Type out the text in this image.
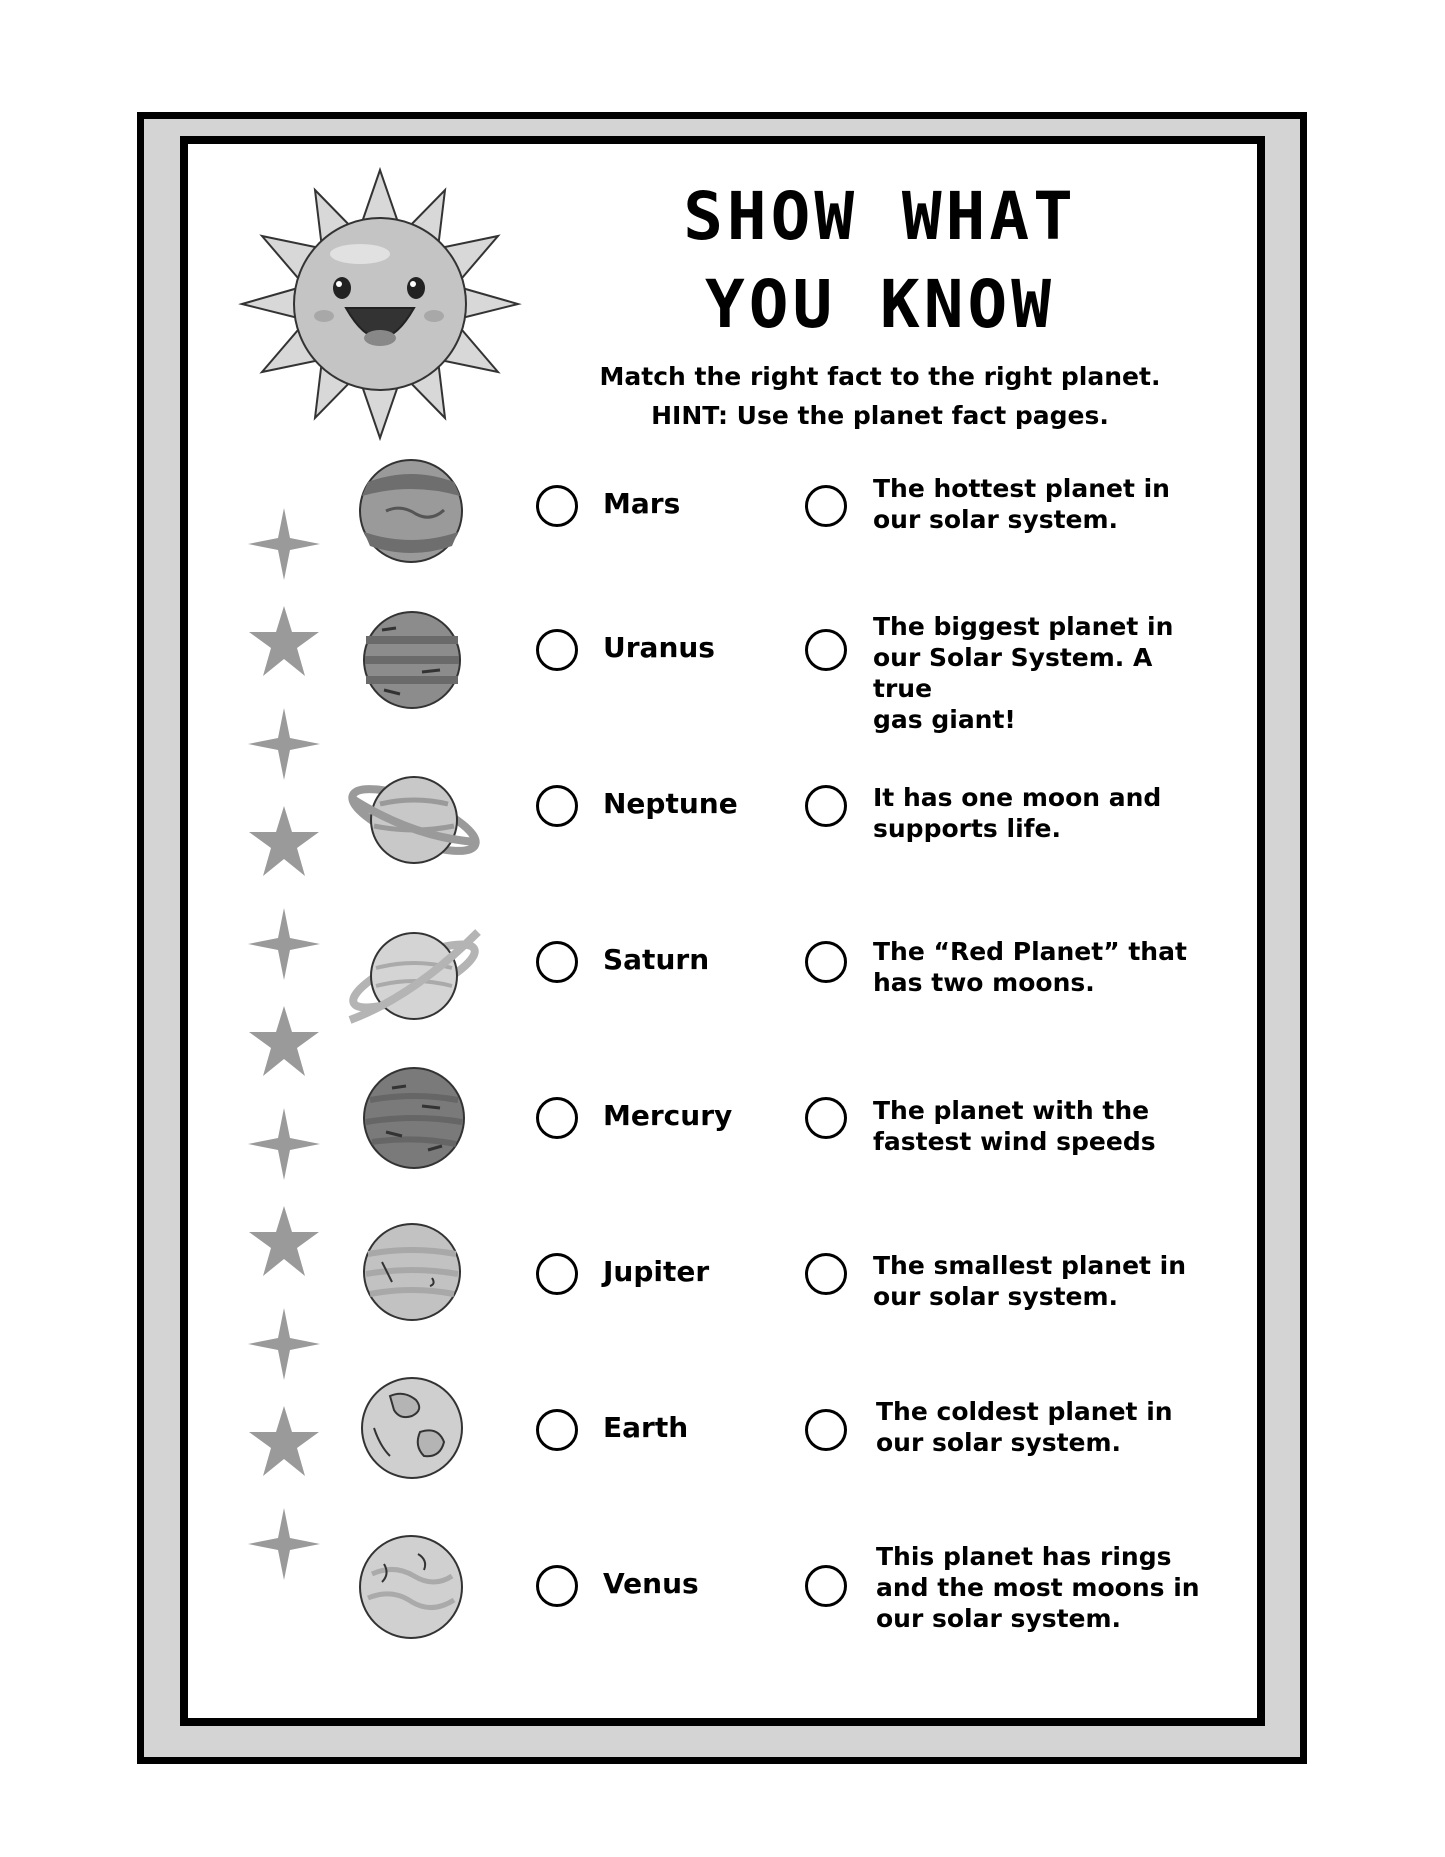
SHOW WHAT
YOU KNOW
Match the right fact to the right planet.
HINT: Use the planet fact pages.
Mars
Uranus
Neptune
Saturn
Mercury
Jupiter
Earth
Venus

The hottest planet in
our solar system.

The biggest planet in
our Solar System. A true
gas giant!

It has one moon and
supports life.

The “Red Planet” that
has two moons.

The planet with the
fastest wind speeds

The smallest planet in
our solar system.

The coldest planet in
our solar system.

This planet has rings
and the most moons in
our solar system.
